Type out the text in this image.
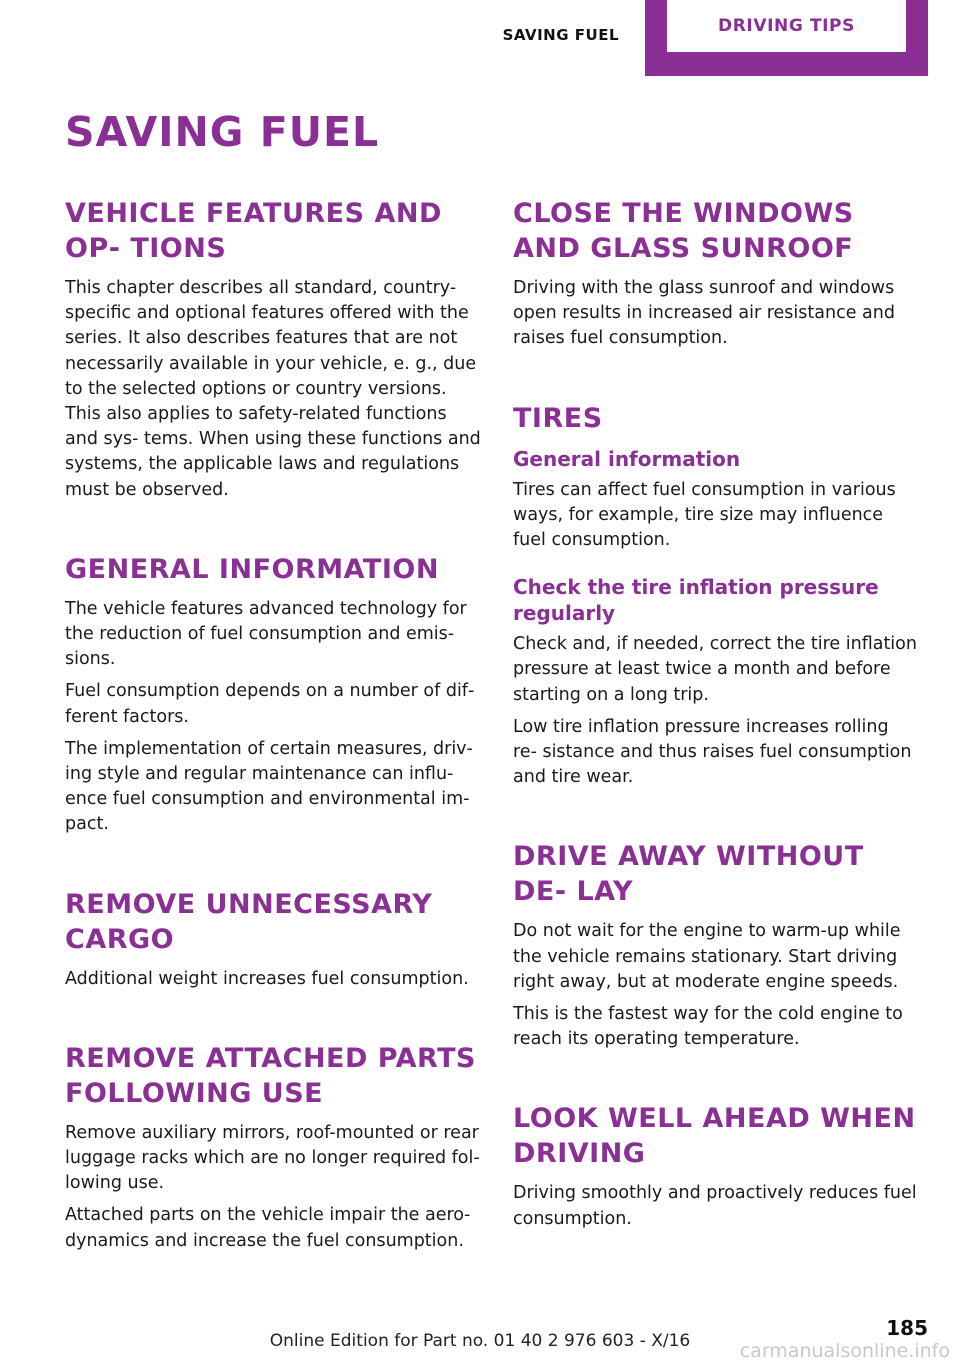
SAVING FUEL	DRIVING TIPS
SAVING FUEL
VEHICLE FEATURES AND OP‐ TIONS

This chapter describes all standard, country-specific and optional features offered with the series. It also describes features that are not necessarily available in your vehicle, e. g., due to the selected options or country versions. This also applies to safety-related functions and sys‐ tems. When using these functions and systems, the applicable laws and regulations must be observed.

GENERAL INFORMATION

The vehicle features advanced technology for the reduction of fuel consumption and emis‐ sions.

Fuel consumption depends on a number of dif‐ ferent factors.

The implementation of certain measures, driv‐ ing style and regular maintenance can influ‐ ence fuel consumption and environmental im‐ pact.

REMOVE UNNECESSARY CARGO

Additional weight increases fuel consumption.

REMOVE ATTACHED PARTS FOLLOWING USE

Remove auxiliary mirrors, roof-mounted or rear luggage racks which are no longer required fol‐ lowing use.

Attached parts on the vehicle impair the aero‐ dynamics and increase the fuel consumption.

CLOSE THE WINDOWS AND GLASS SUNROOF

Driving with the glass sunroof and windows open results in increased air resistance and raises fuel consumption.

TIRES
General information

Tires can affect fuel consumption in various ways, for example, tire size may influence fuel consumption.

Check the tire inflation pressure regularly

Check and, if needed, correct the tire inflation pressure at least twice a month and before starting on a long trip.

Low tire inflation pressure increases rolling re‐ sistance and thus raises fuel consumption and tire wear.

DRIVE AWAY WITHOUT DE‐ LAY

Do not wait for the engine to warm-up while the vehicle remains stationary. Start driving right away, but at moderate engine speeds.

This is the fastest way for the cold engine to reach its operating temperature.

LOOK WELL AHEAD WHEN DRIVING

Driving smoothly and proactively reduces fuel consumption.

Online Edition for Part no. 01 40 2 976 603 - X/16
185
carmanualsonline.info
